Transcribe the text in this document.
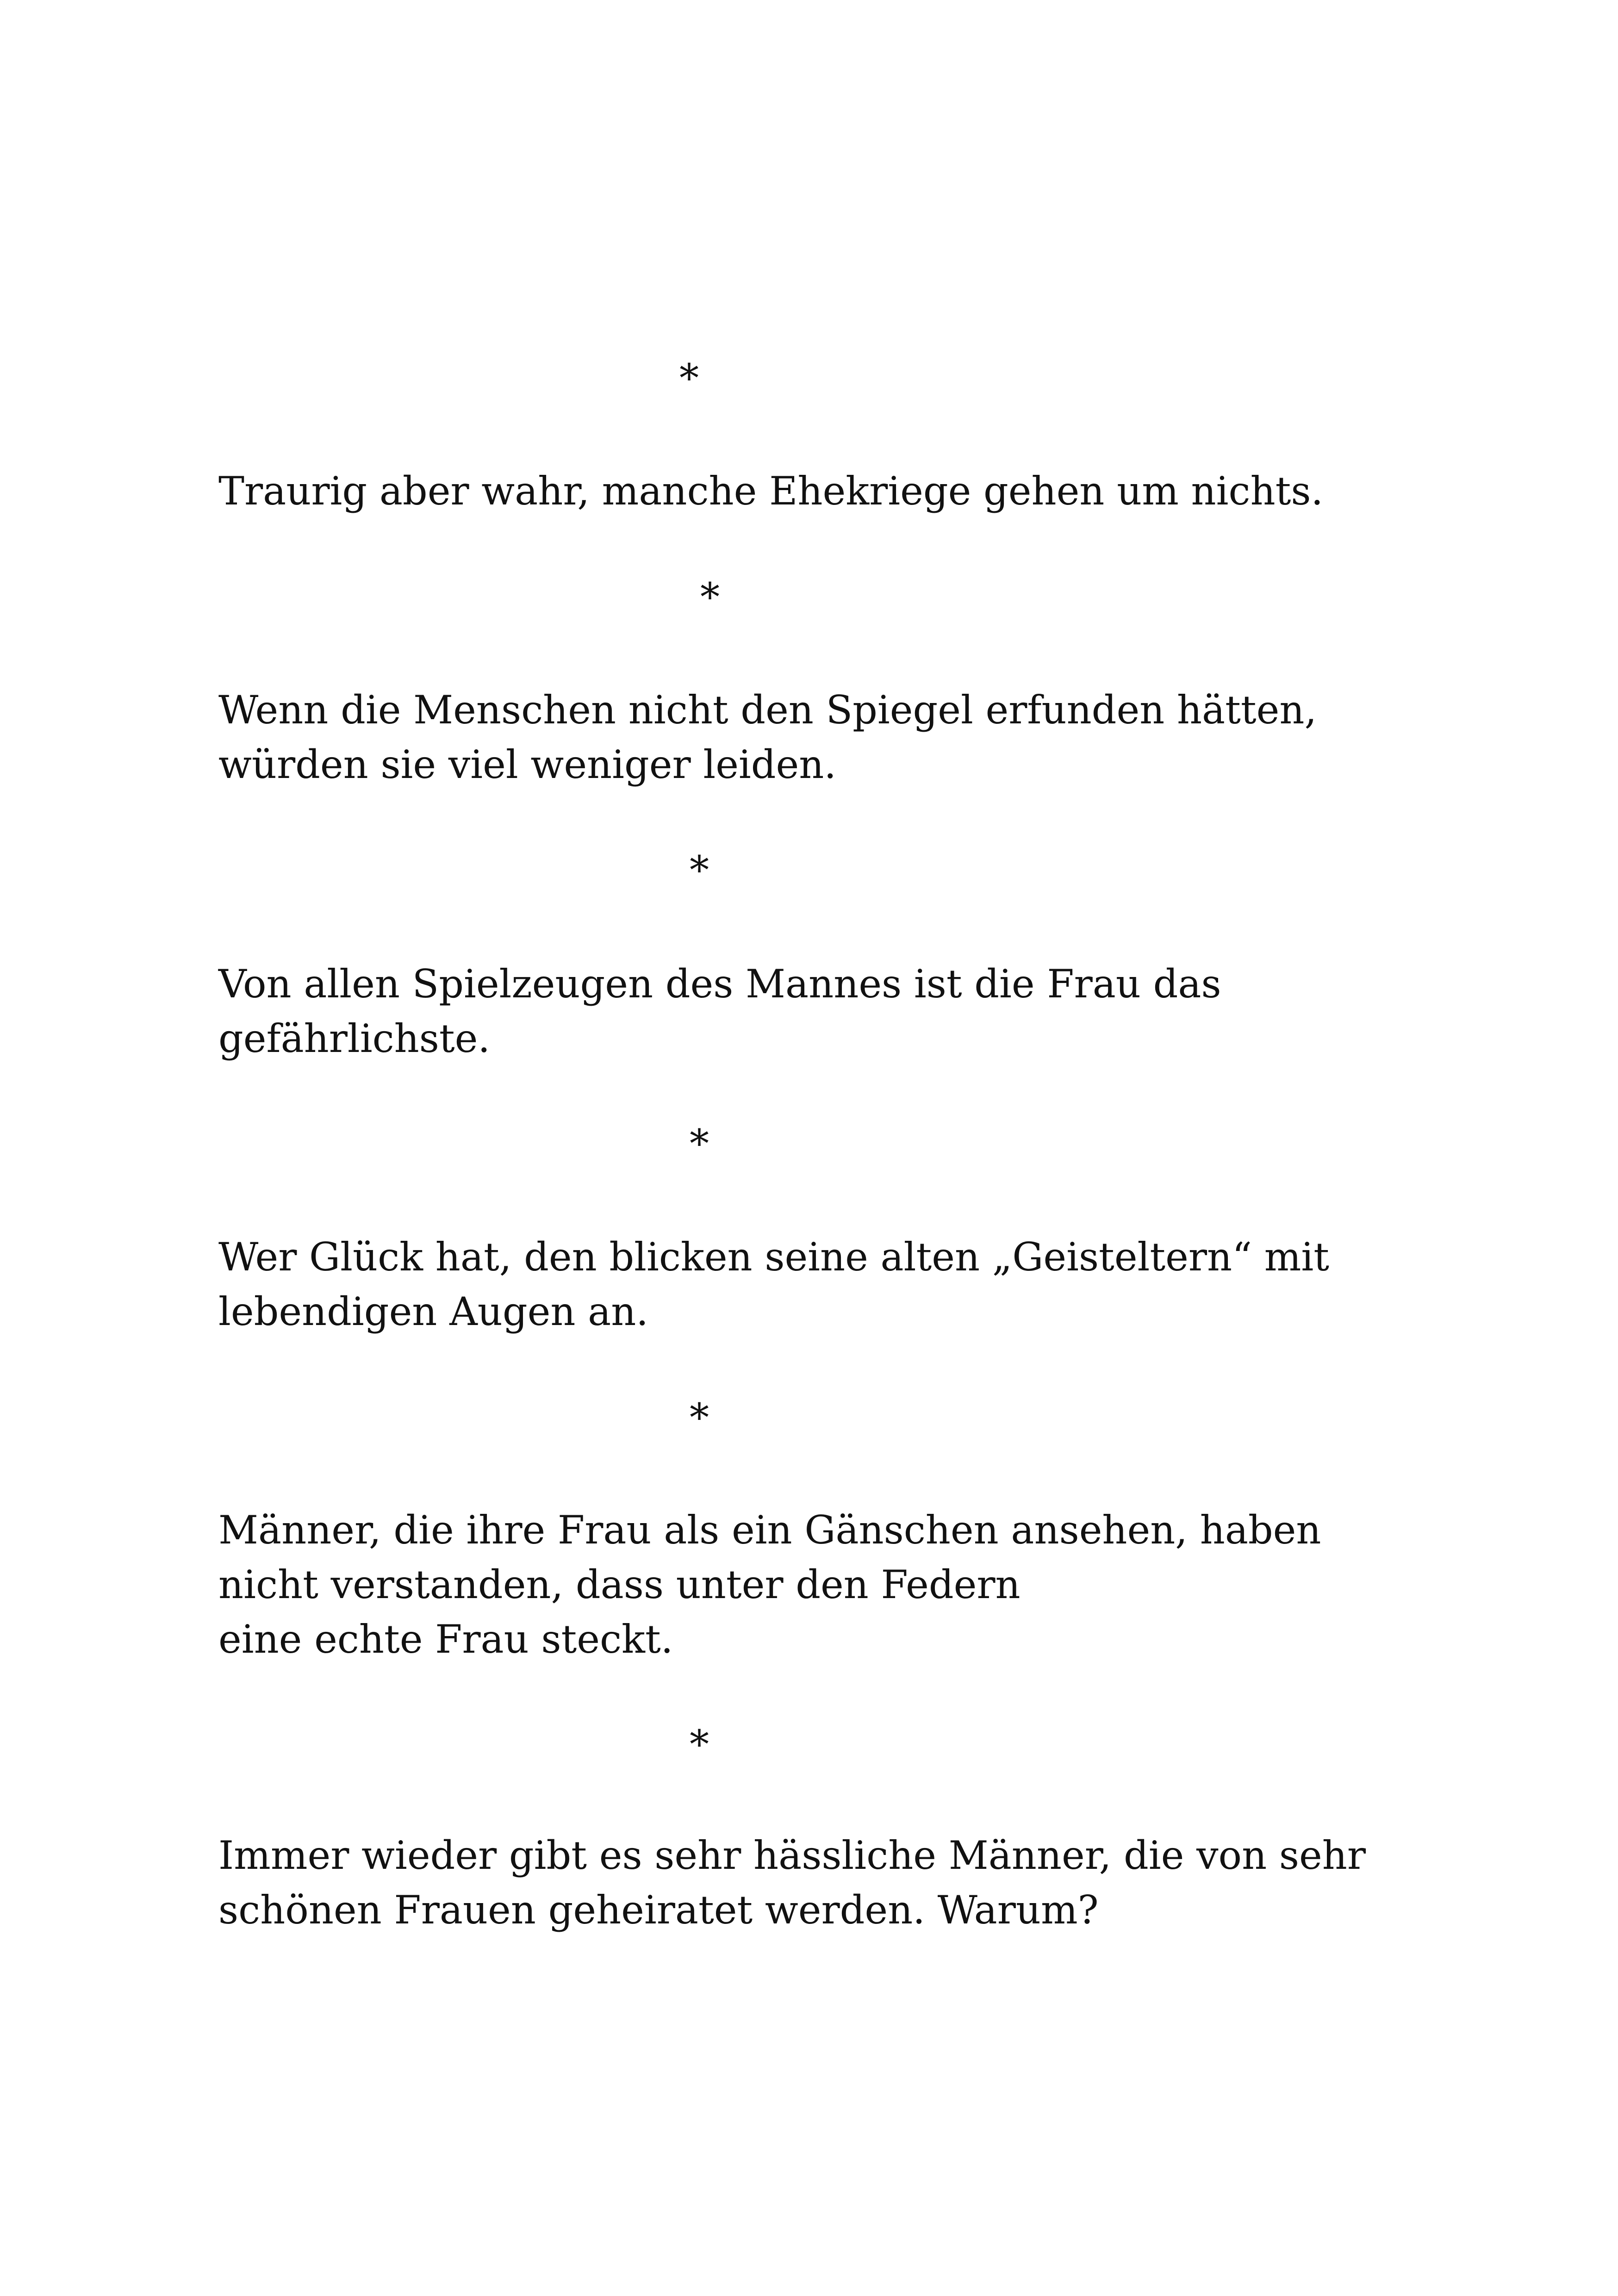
*

Traurig aber wahr, manche Ehekriege gehen um nichts.

*

Wenn die Menschen nicht den Spiegel erfunden hätten,
würden sie viel weniger leiden.

*

Von allen Spielzeugen des Mannes ist die Frau das
gefährlichste.

*

Wer Glück hat, den blicken seine alten „Geisteltern“ mit
lebendigen Augen an.

*

Männer, die ihre Frau als ein Gänschen ansehen, haben
nicht verstanden, dass unter den Federn
eine echte Frau steckt.

*

Immer wieder gibt es sehr hässliche Männer, die von sehr
schönen Frauen geheiratet werden. Warum?
